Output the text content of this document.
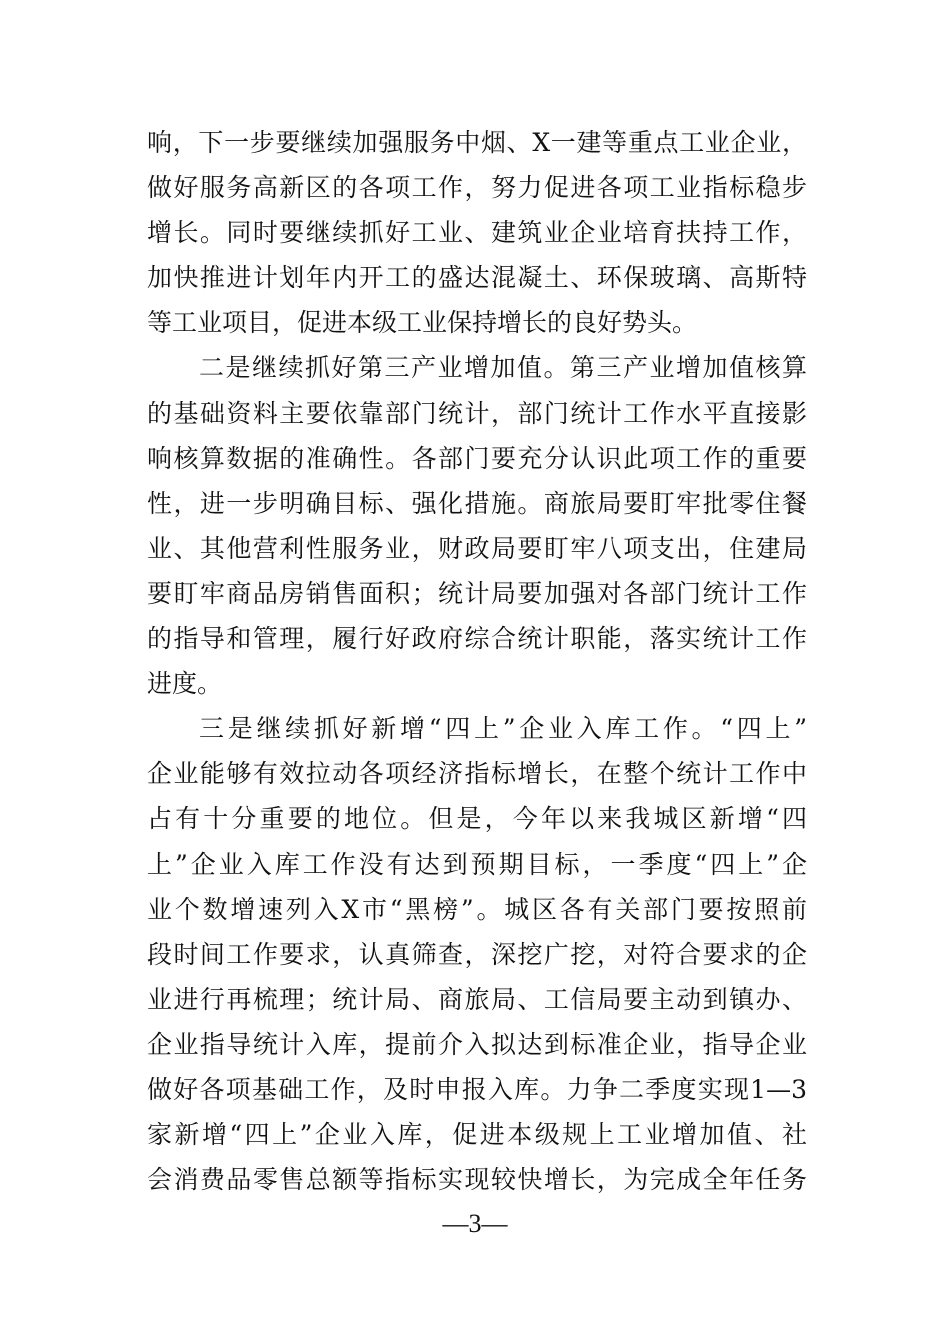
响，下一步要继续加强服务中烟、X一建等重点工业企业，
做好服务高新区的各项工作，努力促进各项工业指标稳步
增长。同时要继续抓好工业、建筑业企业培育扶持工作，
加快推进计划年内开工的盛达混凝土、环保玻璃、高斯特
等工业项目，促进本级工业保持增长的良好势头。
二是继续抓好第三产业增加值。第三产业增加值核算
的基础资料主要依靠部门统计，部门统计工作水平直接影
响核算数据的准确性。各部门要充分认识此项工作的重要
性，进一步明确目标、强化措施。商旅局要盯牢批零住餐
业、其他营利性服务业，财政局要盯牢八项支出，住建局
要盯牢商品房销售面积；统计局要加强对各部门统计工作
的指导和管理，履行好政府综合统计职能，落实统计工作
进度。
三是继续抓好新增“四上”企业入库工作。“四上”
企业能够有效拉动各项经济指标增长，在整个统计工作中
占有十分重要的地位。但是，今年以来我城区新增“四
上”企业入库工作没有达到预期目标，一季度“四上”企
业个数增速列入X市“黑榜”。城区各有关部门要按照前
段时间工作要求，认真筛查，深挖广挖，对符合要求的企
业进行再梳理；统计局、商旅局、工信局要主动到镇办、
企业指导统计入库，提前介入拟达到标准企业，指导企业
做好各项基础工作，及时申报入库。力争二季度实现1—3
家新增“四上”企业入库，促进本级规上工业增加值、社
会消费品零售总额等指标实现较快增长，为完成全年任务
—3—
